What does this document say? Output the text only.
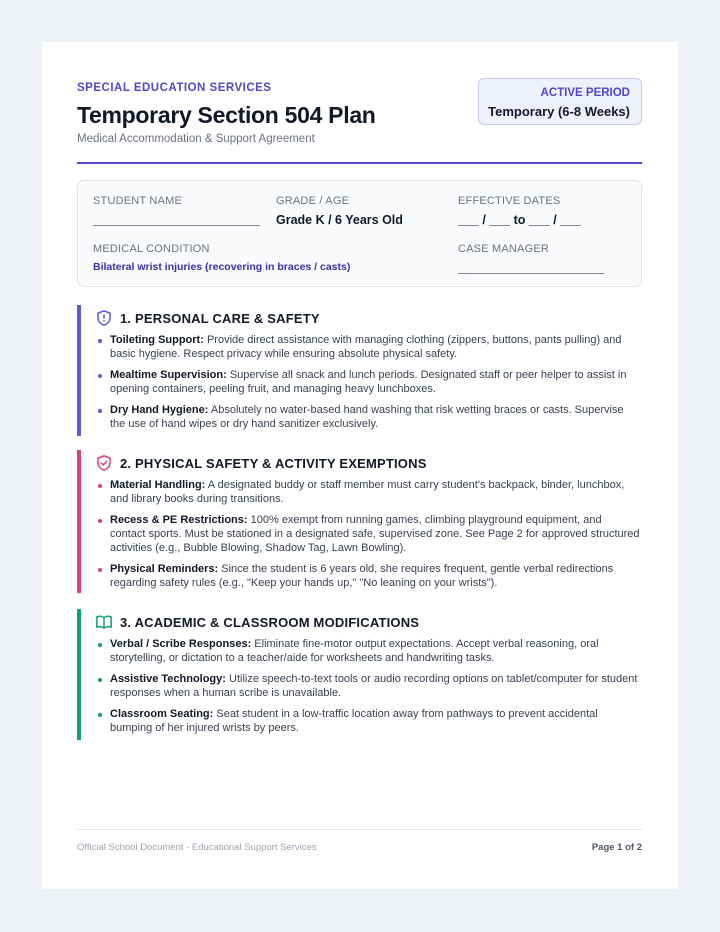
SPECIAL EDUCATION SERVICES
Temporary Section 504 Plan
Medical Accommodation & Support Agreement
ACTIVE PERIOD
Temporary (6-8 Weeks)
STUDENT NAME
________________________
GRADE / AGE
Grade K / 6 Years Old
EFFECTIVE DATES
___ / ___ to ___ / ___
MEDICAL CONDITION
Bilateral wrist injuries (recovering in braces / casts)
CASE MANAGER
_____________________
1. PERSONAL CARE & SAFETY
Toileting Support: Provide direct assistance with managing clothing (zippers, buttons, pants pulling) and basic hygiene. Respect privacy while ensuring absolute physical safety.
Mealtime Supervision: Supervise all snack and lunch periods. Designated staff or peer helper to assist in opening containers, peeling fruit, and managing heavy lunchboxes.
Dry Hand Hygiene: Absolutely no water-based hand washing that risk wetting braces or casts. Supervise the use of hand wipes or dry hand sanitizer exclusively.
2. PHYSICAL SAFETY & ACTIVITY EXEMPTIONS
Material Handling: A designated buddy or staff member must carry student's backpack, binder, lunchbox, and library books during transitions.
Recess & PE Restrictions: 100% exempt from running games, climbing playground equipment, and contact sports. Must be stationed in a designated safe, supervised zone. See Page 2 for approved structured activities (e.g., Bubble Blowing, Shadow Tag, Lawn Bowling).
Physical Reminders: Since the student is 6 years old, she requires frequent, gentle verbal redirections regarding safety rules (e.g., "Keep your hands up," "No leaning on your wrists").
3. ACADEMIC & CLASSROOM MODIFICATIONS
Verbal / Scribe Responses: Eliminate fine-motor output expectations. Accept verbal reasoning, oral storytelling, or dictation to a teacher/aide for worksheets and handwriting tasks.
Assistive Technology: Utilize speech-to-text tools or audio recording options on tablet/computer for student responses when a human scribe is unavailable.
Classroom Seating: Seat student in a low-traffic location away from pathways to prevent accidental bumping of her injured wrists by peers.
Official School Document - Educational Support Services	Page 1 of 2
